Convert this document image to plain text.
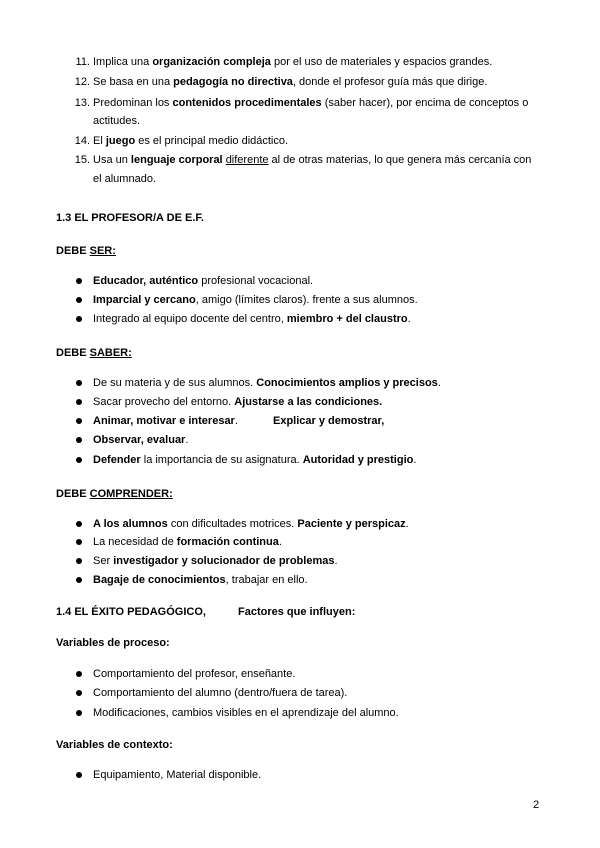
11. Implica una organización compleja por el uso de materiales y espacios grandes.
12. Se basa en una pedagogía no directiva, donde el profesor guía más que dirige.
13. Predominan los contenidos procedimentales (saber hacer), por encima de conceptos o
actitudes.
14. El juego es el principal medio didáctico.
15. Usa un lenguaje corporal diferente al de otras materias, lo que genera más cercanía con
el alumnado.
1.3 EL PROFESOR/A DE E.F.
DEBE SER:
Educador, auténtico profesional vocacional.
Imparcial y cercano, amigo (límites claros). frente a sus alumnos.
Integrado al equipo docente del centro, miembro + del claustro.
DEBE SABER:
De su materia y de sus alumnos. Conocimientos amplios y precisos.
Sacar provecho del entorno. Ajustarse a las condiciones.
Animar, motivar e interesar.
Observar, evaluar.
Defender la importancia de su asignatura. Autoridad y prestigio.
Explicar y demostrar,
DEBE COMPRENDER:
A los alumnos con dificultades motrices. Paciente y perspicaz.
La necesidad de formación continua.
Ser investigador y solucionador de problemas.
Bagaje de conocimientos, trabajar en ello.
1.4 EL ÉXITO PEDAGÓGICO,	Factores que influyen:
Variables de proceso:
Comportamiento del profesor, enseñante.
Comportamiento del alumno (dentro/fuera de tarea).
Modificaciones, cambios visibles en el aprendizaje del alumno.
Variables de contexto:
Equipamiento, Material disponible.
2
